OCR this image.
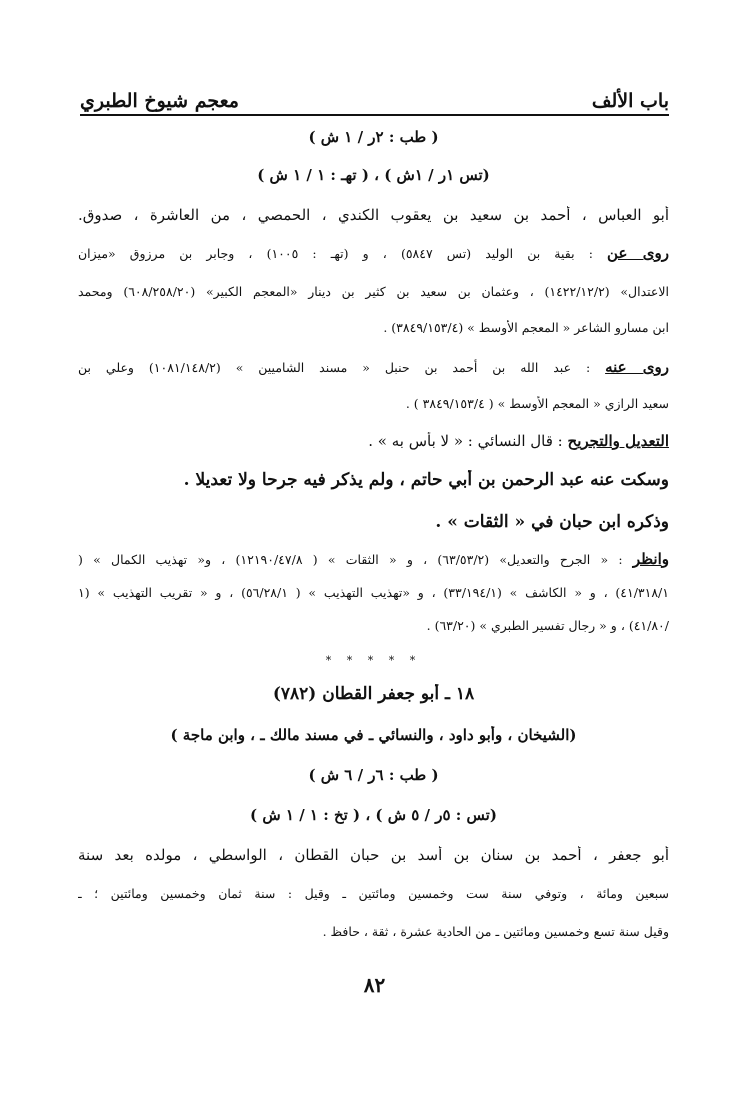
باب الألف
معجم شيوخ الطبري
( طب : ٢ر / ١ ش )
(تس ١ر / ١ش ) ، ( تهـ : ١ / ١ ش )
أبو العباس ، أحمد بن سعيد بن يعقوب الكندي ، الحمصي ، من العاشرة ، صدوق.
روى عن : بقية بن الوليد (تس ٥٨٤٧) ، و (تهـ : ١٠٠٥) ، وجابر بن مرزوق «ميزان
الاعتدال» (١٤٢٢/١٢/٢) ، وعثمان بن سعيد بن كثير بن دينار «المعجم الكبير» (٦٠٨/٢٥٨/٢٠) ومحمد
ابن مسارو الشاعر « المعجم الأوسط » (٣٨٤٩/١٥٣/٤) .
روى عنه : عبد الله بن أحمد بن حنبل « مسند الشاميين » (١٠٨١/١٤٨/٢) وعلي بن
سعيد الرازي « المعجم الأوسط » ( ٣٨٤٩/١٥٣/٤ ) .
التعديل والتجريح : قال النسائي : « لا بأس به » .
وسكت عنه عبد الرحمن بن أبي حاتم ، ولم يذكر فيه جرحا ولا تعديلا .
وذكره ابن حبان في « الثقات » .
وانظر : « الجرح والتعديل» (٦٣/٥٣/٢) ، و « الثقات » ( ١٢١٩٠/٤٧/٨) ، و« تهذيب الكمال » (
٤١/٣١٨/١) ، و « الكاشف » (٣٣/١٩٤/١) ، و «تهذيب التهذيب » ( ٥٦/٢٨/١) ، و « تقريب التهذيب » (١
/٤١/٨٠) ، و « رجال تفسير الطبري » (٦٣/٢٠) .
* * * * *
١٨ ـ أبو جعفر القطان (٧٨٢)
(الشيخان ، وأبو داود ، والنسائي ـ في مسند مالك ـ ، وابن ماجة )
( طب : ٦ر / ٦ ش )
(تس : ٥ر / ٥ ش ) ، ( تخ : ١ / ١ ش )
أبو جعفر ، أحمد بن سنان بن أسد بن حبان القطان ، الواسطي ، مولده بعد سنة
سبعين ومائة ، وتوفي سنة ست وخمسين ومائتين ـ وقيل : سنة ثمان وخمسين ومائتين ؛ ـ
وقيل سنة تسع وخمسين ومائتين ـ من الحادية عشرة ، ثقة ، حافظ .
٨٢
